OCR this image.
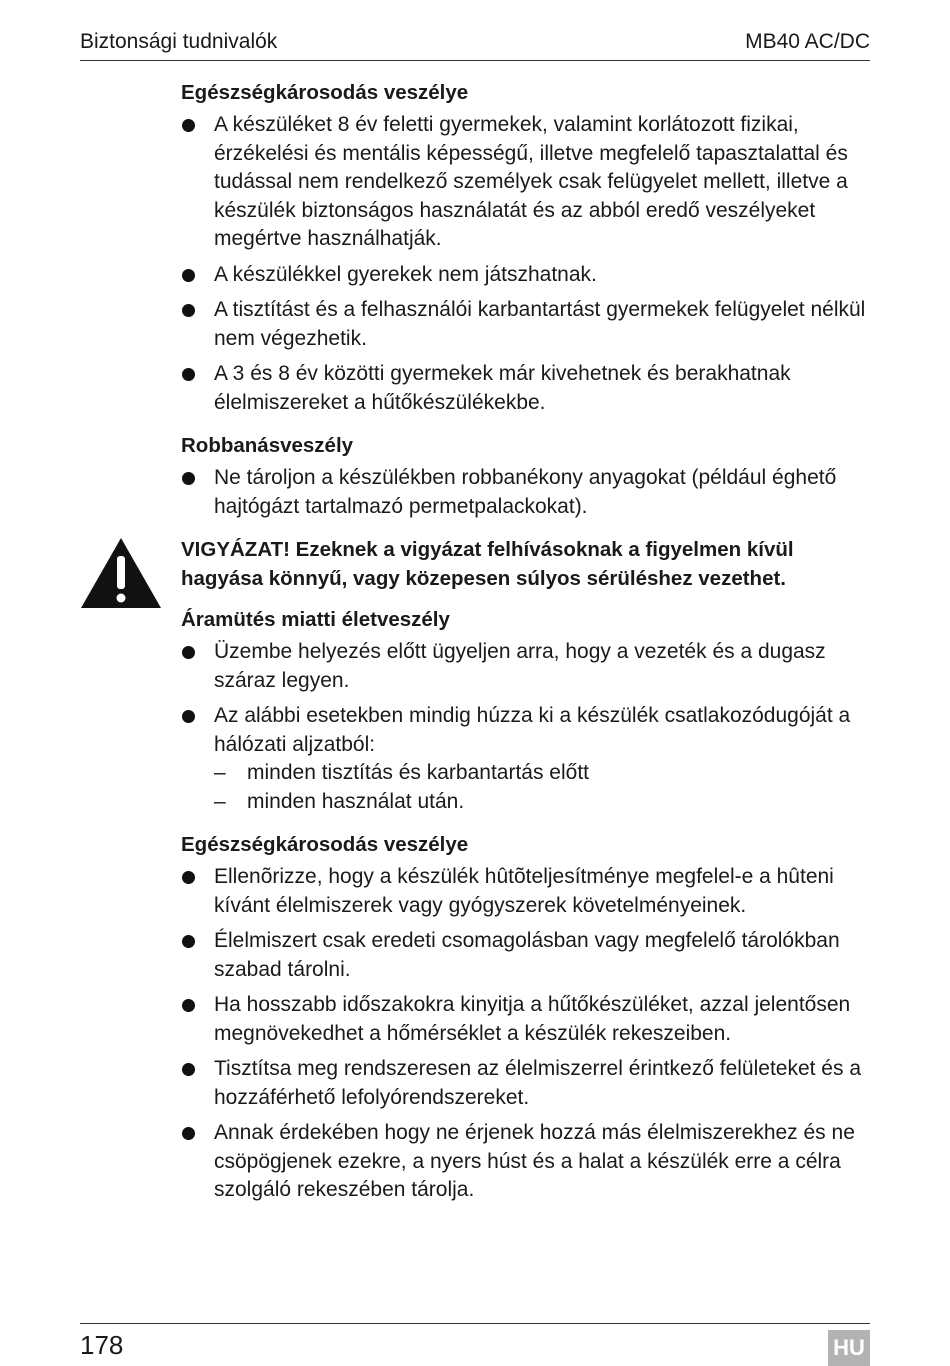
Biztonsági tudnivalók	MB40 AC/DC
Egészségkárosodás veszélye
A készüléket 8 év feletti gyermekek, valamint korlátozott fizikai, érzékelési és mentális képességű, illetve megfelelő tapasztalattal és tudással nem rendelkező személyek csak felügyelet mellett, illetve a készülék biztonságos használatát és az abból eredő veszélyeket megértve használhatják.
A készülékkel gyerekek nem játszhatnak.
A tisztítást és a felhasználói karbantartást gyermekek felügyelet nélkül nem végezhetik.
A 3 és 8 év közötti gyermekek már kivehetnek és berakhatnak élelmiszereket a hűtőkészülékekbe.
Robbanásveszély
Ne tároljon a készülékben robbanékony anyagokat (például éghető hajtógázt tartalmazó permetpalackokat).
VIGYÁZAT! Ezeknek a vigyázat felhívásoknak a figyelmen kívül hagyása könnyű, vagy közepesen súlyos sérüléshez vezethet.
Áramütés miatti életveszély
Üzembe helyezés előtt ügyeljen arra, hogy a vezeték és a dugasz száraz legyen.
Az alábbi esetekben mindig húzza ki a készülék csatlakozódugóját a hálózati aljzatból:
– minden tisztítás és karbantartás előtt
– minden használat után.
Egészségkárosodás veszélye
Ellenõrizze, hogy a készülék hûtõteljesítménye megfelel-e a hûteni kívánt élelmiszerek vagy gyógyszerek követelményeinek.
Élelmiszert csak eredeti csomagolásban vagy megfelelő tárolókban szabad tárolni.
Ha hosszabb időszakokra kinyitja a hűtőkészüléket, azzal jelentősen megnövekedhet a hőmérséklet a készülék rekeszeiben.
Tisztítsa meg rendszeresen az élelmiszerrel érintkező felületeket és a hozzáférhető lefolyórendszereket.
Annak érdekében hogy ne érjenek hozzá más élelmiszerekhez és ne csöpögjenek ezekre, a nyers húst és a halat a készülék erre a célra szolgáló rekeszében tárolja.
178	HU
